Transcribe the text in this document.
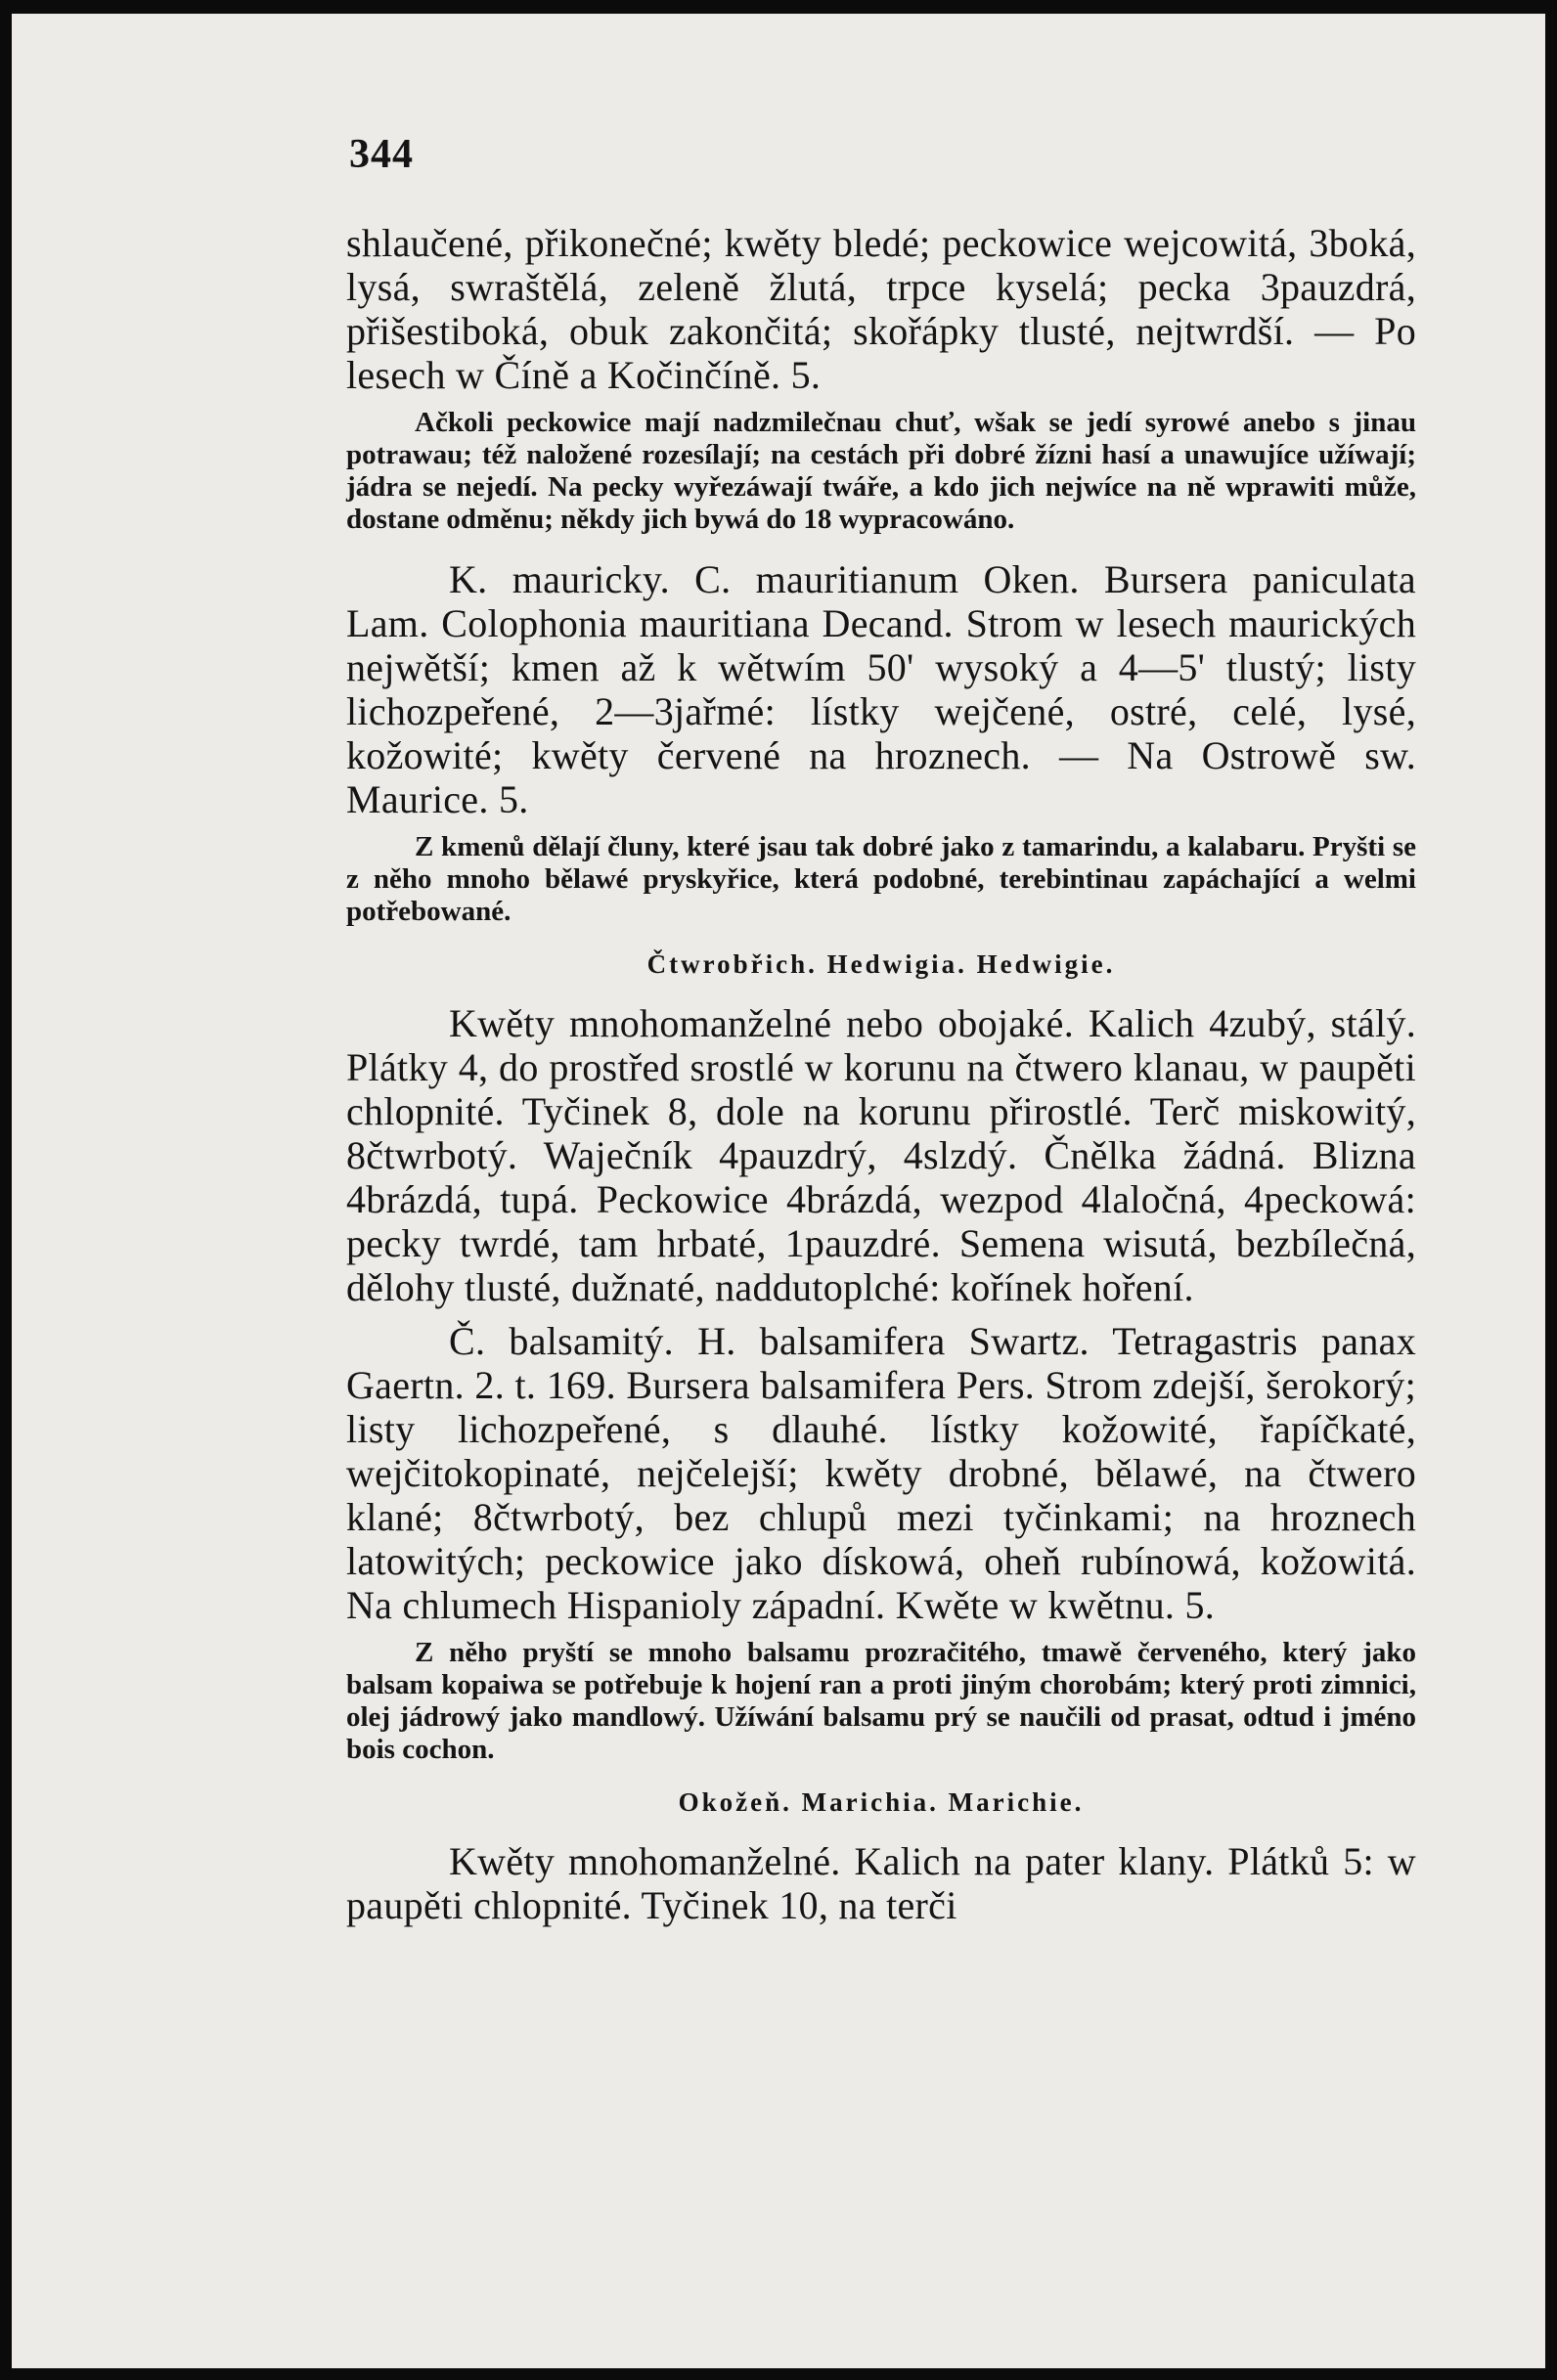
344

shlaučené, přikonečné; kwěty bledé; peckowice wejcowitá, 3boká, lysá, swraštělá, zeleně žlutá, trpce kyselá; pecka 3pauzdrá, přišestiboká, obuk zakončitá; skořápky tlusté, nejtwrdší. — Po lesech w Číně a Kočinčíně. 5.

Ačkoli peckowice mají nadzmilečnau chuť, wšak se jedí syrowé anebo s jinau potrawau; též naložené rozesílají; na cestách při dobré žízni hasí a unawujíce užíwají; jádra se nejedí. Na pecky wyřezáwají twáře, a kdo jich nejwíce na ně wprawiti může, dostane odměnu; někdy jich bywá do 18 wypracowáno.

K. mauricky. C. mauritianum Oken. Bursera paniculata Lam. Colophonia mauritiana Decand. Strom w lesech maurických nejwětší; kmen až k wětwím 50' wysoký a 4—5' tlustý; listy lichozpeřené, 2—3jařmé: lístky wejčené, ostré, celé, lysé, kožowité; kwěty červené na hroznech. — Na Ostrowě sw. Maurice. 5.

Z kmenů dělají čluny, které jsau tak dobré jako z tamarindu, a kalabaru. Pryšti se z něho mnoho bělawé pryskyřice, která podobné, terebintinau zapáchající a welmi potřebowané.

Čtwrobřich. Hedwigia. Hedwigie.

Kwěty mnohomanželné nebo obojaké. Kalich 4zubý, stálý. Plátky 4, do prostřed srostlé w korunu na čtwero klanau, w paupěti chlopnité. Tyčinek 8, dole na korunu přirostlé. Terč miskowitý, 8čtwrbotý. Waječník 4pauzdrý, 4slzdý. Čnělka žádná. Blizna 4brázdá, tupá. Peckowice 4brázdá, wezpod 4laločná, 4peckowá: pecky twrdé, tam hrbaté, 1pauzdré. Semena wisutá, bezbílečná, dělohy tlusté, dužnaté, naddutoplché: kořínek hoření.

Č. balsamitý. H. balsamifera Swartz. Tetragastris panax Gaertn. 2. t. 169. Bursera balsamifera Pers. Strom zdejší, šerokorý; listy lichozpeřené, s dlauhé. lístky kožowité, řapíčkaté, wejčitokopinaté, nejčelejší; kwěty drobné, bělawé, na čtwero klané; 8čtwrbotý, bez chlupů mezi tyčinkami; na hroznech latowitých; peckowice jako dískowá, oheň rubínowá, kožowitá. Na chlumech Hispanioly západní. Kwěte w kwětnu. 5.

Z něho pryští se mnoho balsamu prozračitého, tmawě červeného, který jako balsam kopaiwa se potřebuje k hojení ran a proti jiným chorobám; který proti zimnici, olej jádrowý jako mandlowý. Užíwání balsamu prý se naučili od prasat, odtud i jméno bois cochon.

Okožeň. Marichia. Marichie.

Kwěty mnohomanželné. Kalich na pater klany. Plátků 5: w paupěti chlopnité. Tyčinek 10, na terči
